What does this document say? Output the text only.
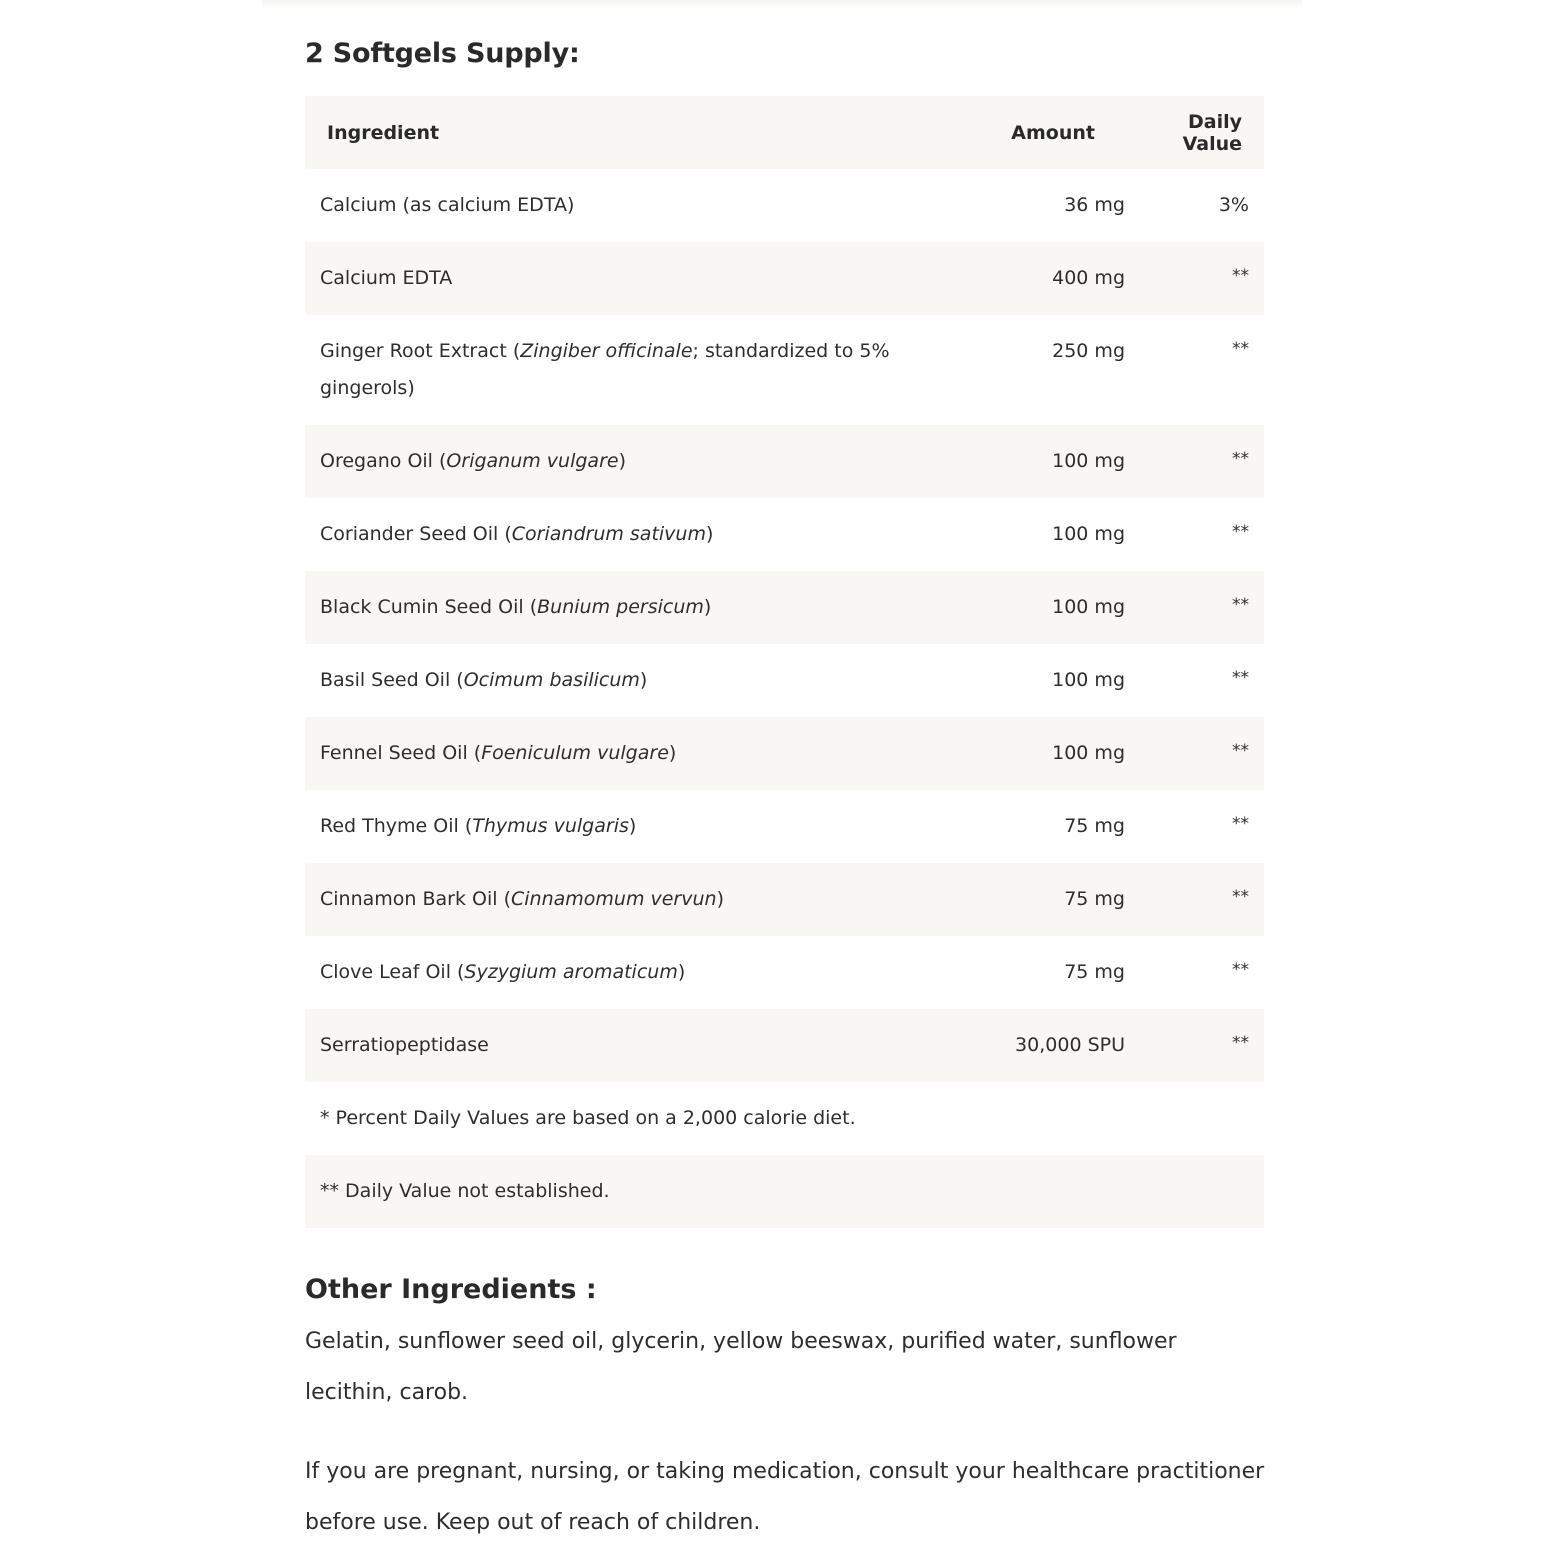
2 Softgels Supply:
Ingredient	Amount	Daily Value
Calcium (as calcium EDTA)	36 mg	3%
Calcium EDTA	400 mg	**
Ginger Root Extract (Zingiber officinale; standardized to 5% gingerols)	250 mg	**
Oregano Oil (Origanum vulgare)	100 mg	**
Coriander Seed Oil (Coriandrum sativum)	100 mg	**
Black Cumin Seed Oil (Bunium persicum)	100 mg	**
Basil Seed Oil (Ocimum basilicum)	100 mg	**
Fennel Seed Oil (Foeniculum vulgare)	100 mg	**
Red Thyme Oil (Thymus vulgaris)	75 mg	**
Cinnamon Bark Oil (Cinnamomum vervun)	75 mg	**
Clove Leaf Oil (Syzygium aromaticum)	75 mg	**
Serratiopeptidase	30,000 SPU	**
* Percent Daily Values are based on a 2,000 calorie diet.		
** Daily Value not established.		
Other Ingredients :

Gelatin, sunflower seed oil, glycerin, yellow beeswax, purified water, sunflower lecithin, carob.

If you are pregnant, nursing, or taking medication, consult your healthcare practitioner before use. Keep out of reach of children.
